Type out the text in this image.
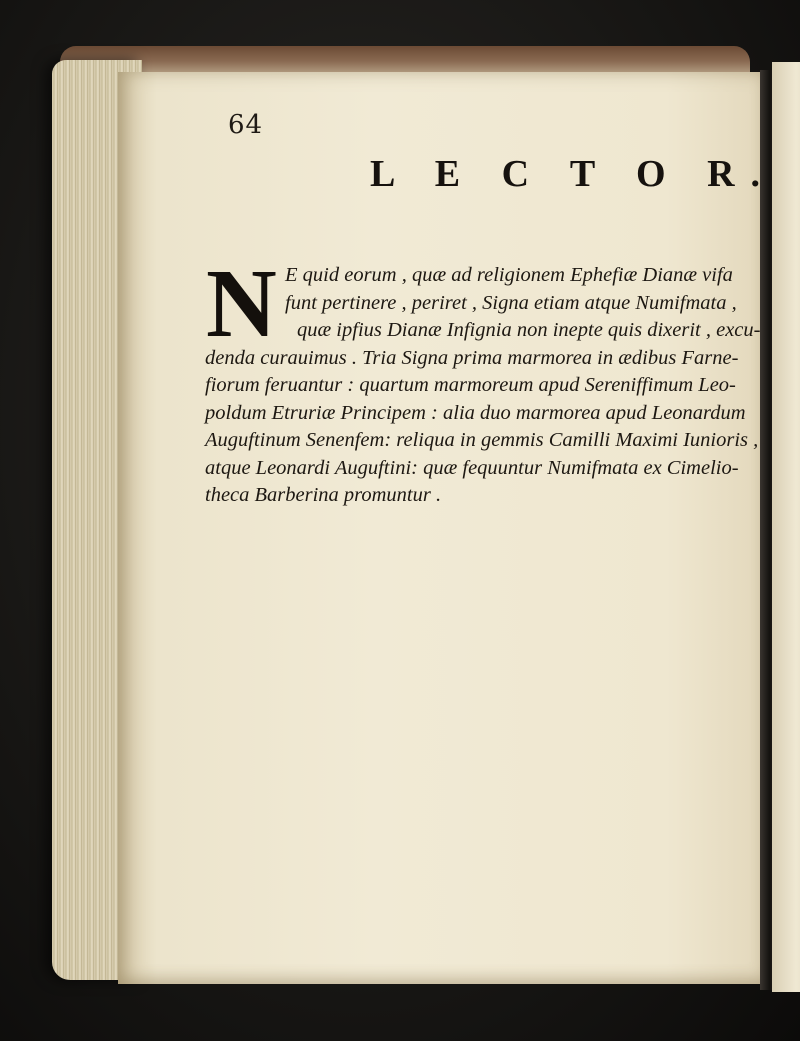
64
L E C T O R.
N E quid eorum , quæ ad religionem Ephefiæ Dianæ vifa
funt pertinere , periret , Signa etiam atque Numifmata ,
quæ ipfius Dianæ Infignia non inepte quis dixerit , excu-
denda curauimus . Tria Signa prima marmorea in ædibus Farne-
fiorum feruantur : quartum marmoreum apud Sereniffimum Leo-
poldum Etruriæ Principem : alia duo marmorea apud Leonardum
Auguftinum Senenfem: reliqua in gemmis Camilli Maximi Iunioris ,
atque Leonardi Auguftini: quæ fequuntur Numifmata ex Cimelio-
theca Barberina promuntur .
